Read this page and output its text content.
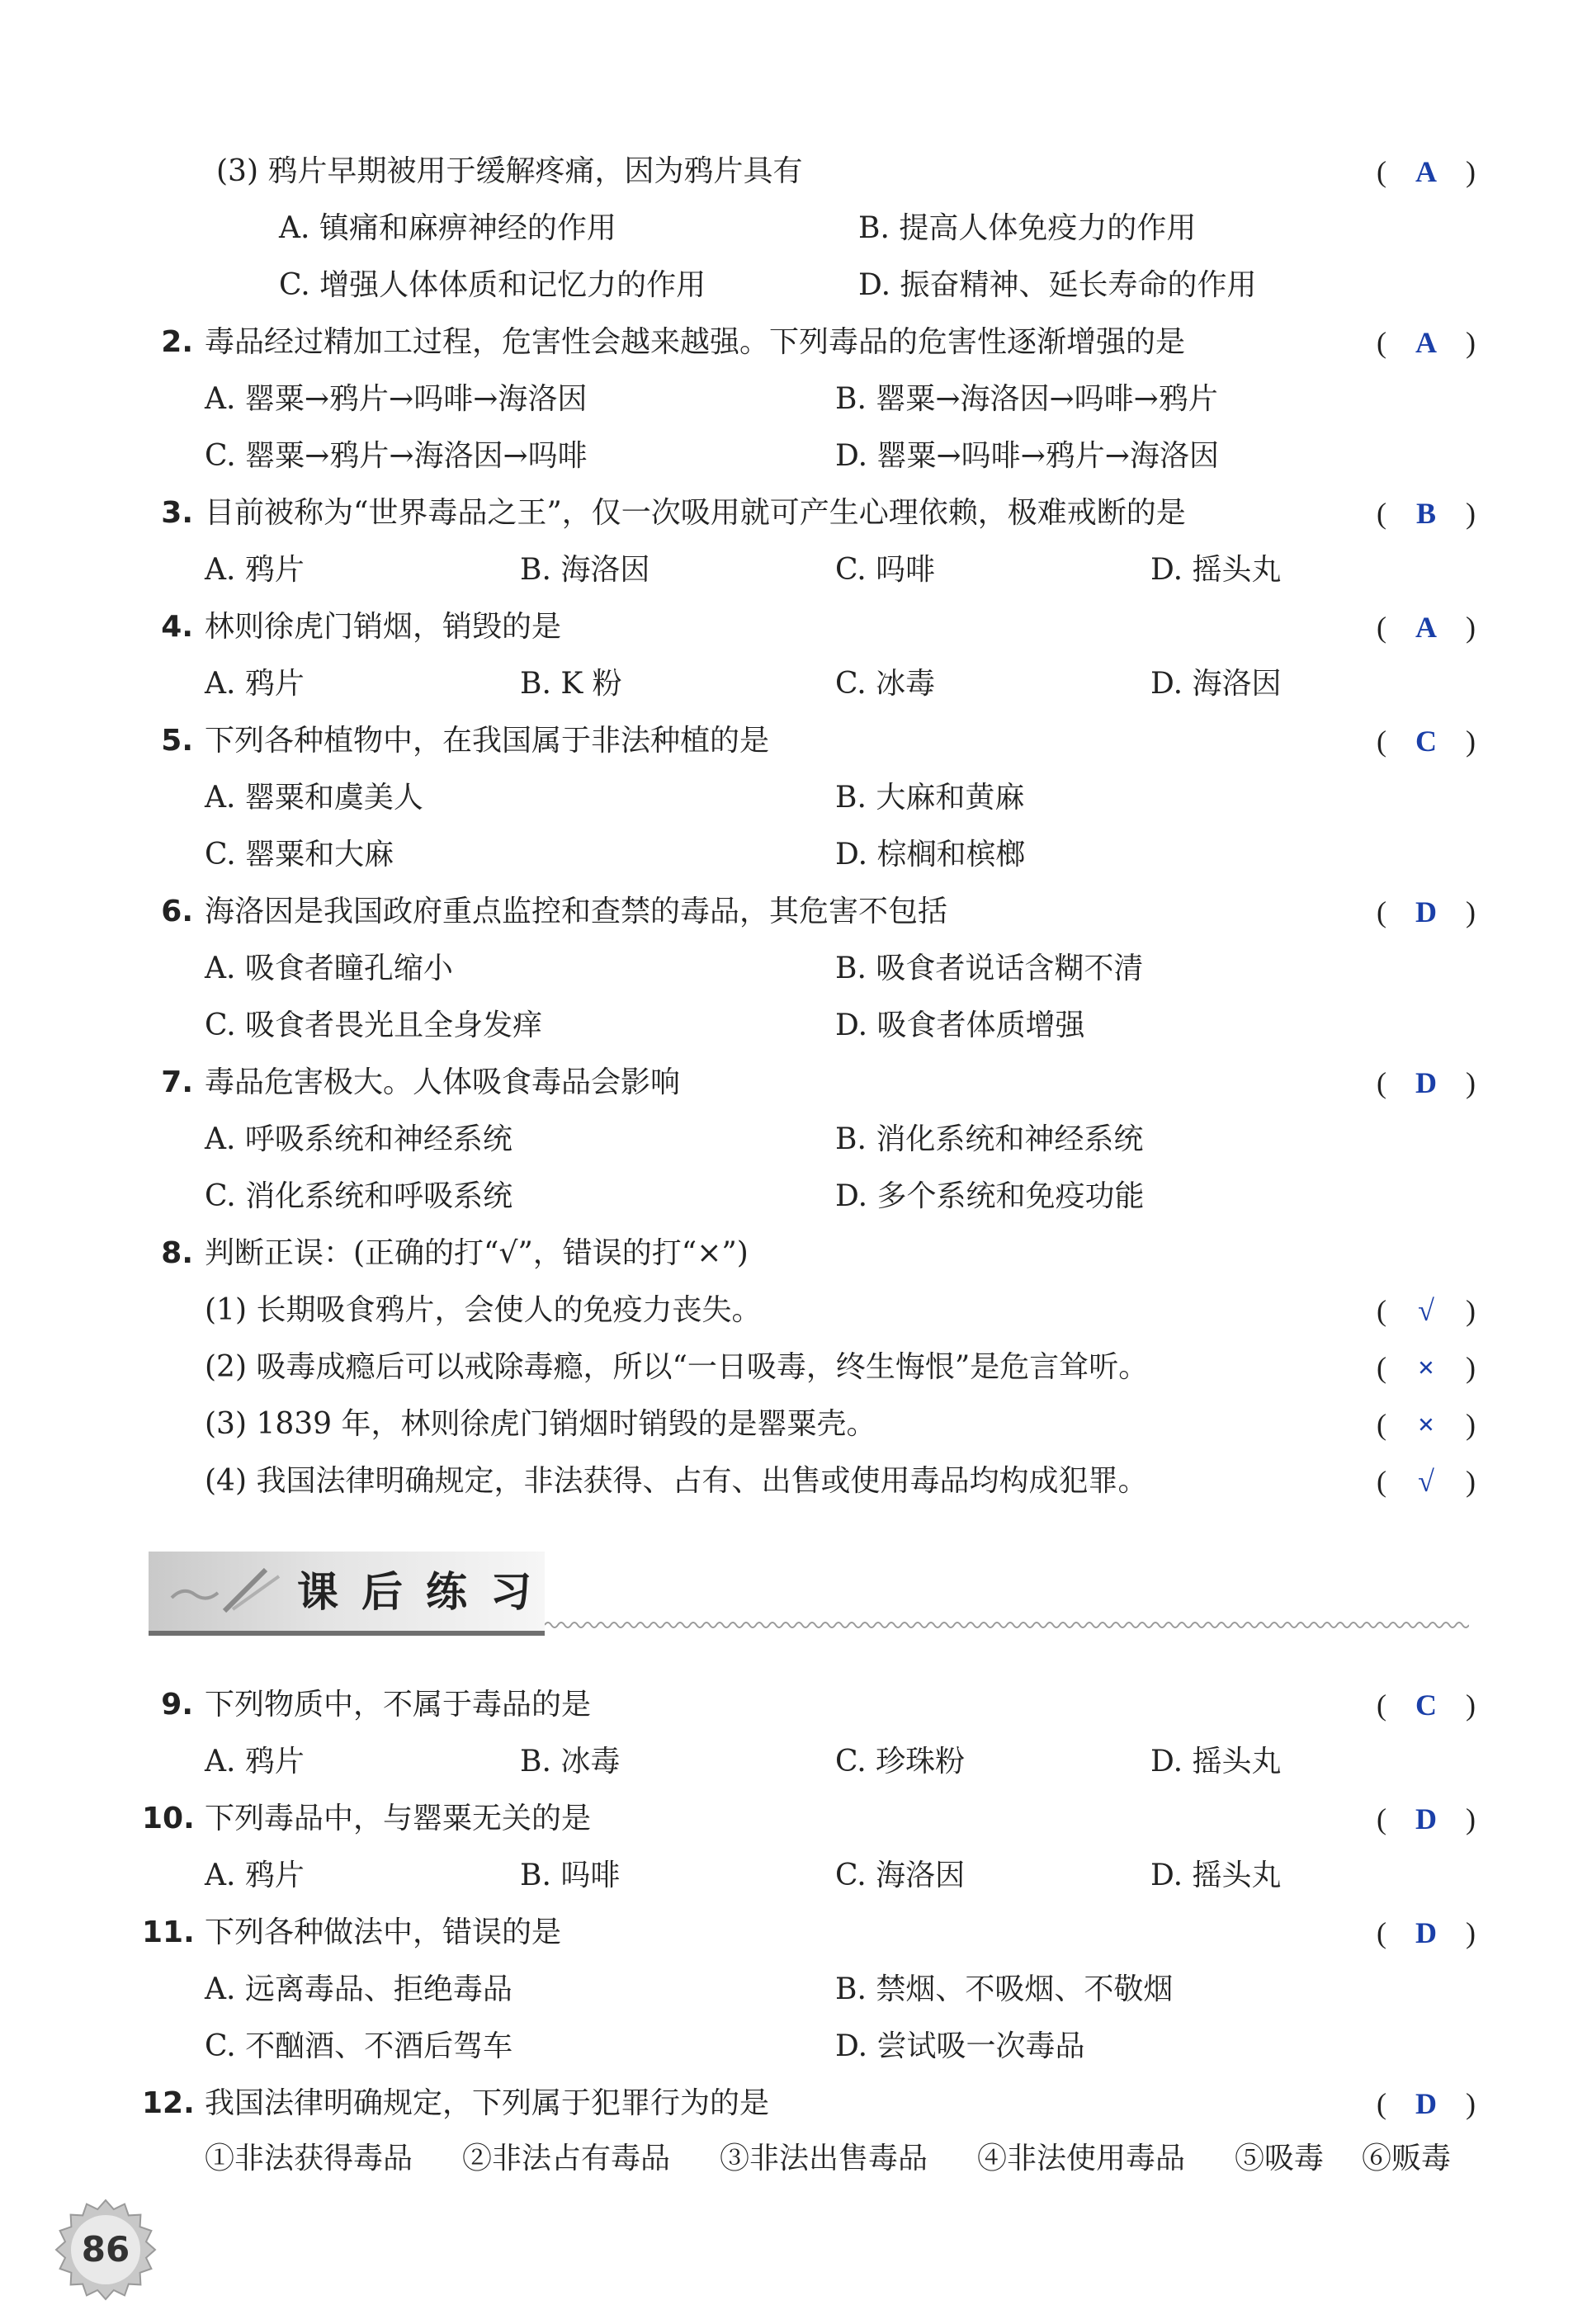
(3) 鸦片早期被用于缓解疼痛，因为鸦片具有	( A )
A. 镇痛和麻痹神经的作用	B. 提高人体免疫力的作用
C. 增强人体体质和记忆力的作用	D. 振奋精神、延长寿命的作用
2. 毒品经过精加工过程，危害性会越来越强。下列毒品的危害性逐渐增强的是	( A )
A. 罂粟→鸦片→吗啡→海洛因	B. 罂粟→海洛因→吗啡→鸦片
C. 罂粟→鸦片→海洛因→吗啡	D. 罂粟→吗啡→鸦片→海洛因
3. 目前被称为“世界毒品之王”，仅一次吸用就可产生心理依赖，极难戒断的是	( B	)
A. 鸦片	B. 海洛因	C. 吗啡	D. 摇头丸
4. 林则徐虎门销烟，销毁的是	( A )
A. 鸦片	B. K 粉	C. 冰毒	D. 海洛因
5. 下列各种植物中，在我国属于非法种植的是	( C )
A. 罂粟和虞美人	B. 大麻和黄麻
C. 罂粟和大麻	D. 棕榈和槟榔
6. 海洛因是我国政府重点监控和查禁的毒品，其危害不包括	( D )
A. 吸食者瞳孔缩小	B. 吸食者说话含糊不清
C. 吸食者畏光且全身发痒	D. 吸食者体质增强
7. 毒品危害极大。人体吸食毒品会影响	( D )
A. 呼吸系统和神经系统	B. 消化系统和神经系统
C. 消化系统和呼吸系统	D. 多个系统和免疫功能
8. 判断正误：(正确的打“√”，错误的打“×”)
(1) 长期吸食鸦片，会使人的免疫力丧失。	(	√	)
(2) 吸毒成瘾后可以戒除毒瘾，所以“一日吸毒，终生悔恨”是危言耸听。	(	×	)
(3) 1839 年，林则徐虎门销烟时销毁的是罂粟壳。	(	×	)
(4) 我国法律明确规定，非法获得、占有、出售或使用毒品均构成犯罪。	(	√	)
课后练习
9. 下列物质中，不属于毒品的是	( C )
A. 鸦片	B. 冰毒	C. 珍珠粉	D. 摇头丸
10. 下列毒品中，与罂粟无关的是	( D )
A. 鸦片	B. 吗啡	C. 海洛因	D. 摇头丸
11. 下列各种做法中，错误的是	( D )
A. 远离毒品、拒绝毒品	B. 禁烟、不吸烟、不敬烟
C. 不酗酒、不酒后驾车	D. 尝试吸一次毒品
12. 我国法律明确规定，下列属于犯罪行为的是	( D )
①非法获得毒品 ②非法占有毒品 ③非法出售毒品 ④非法使用毒品 ⑤吸毒 ⑥贩毒
86
